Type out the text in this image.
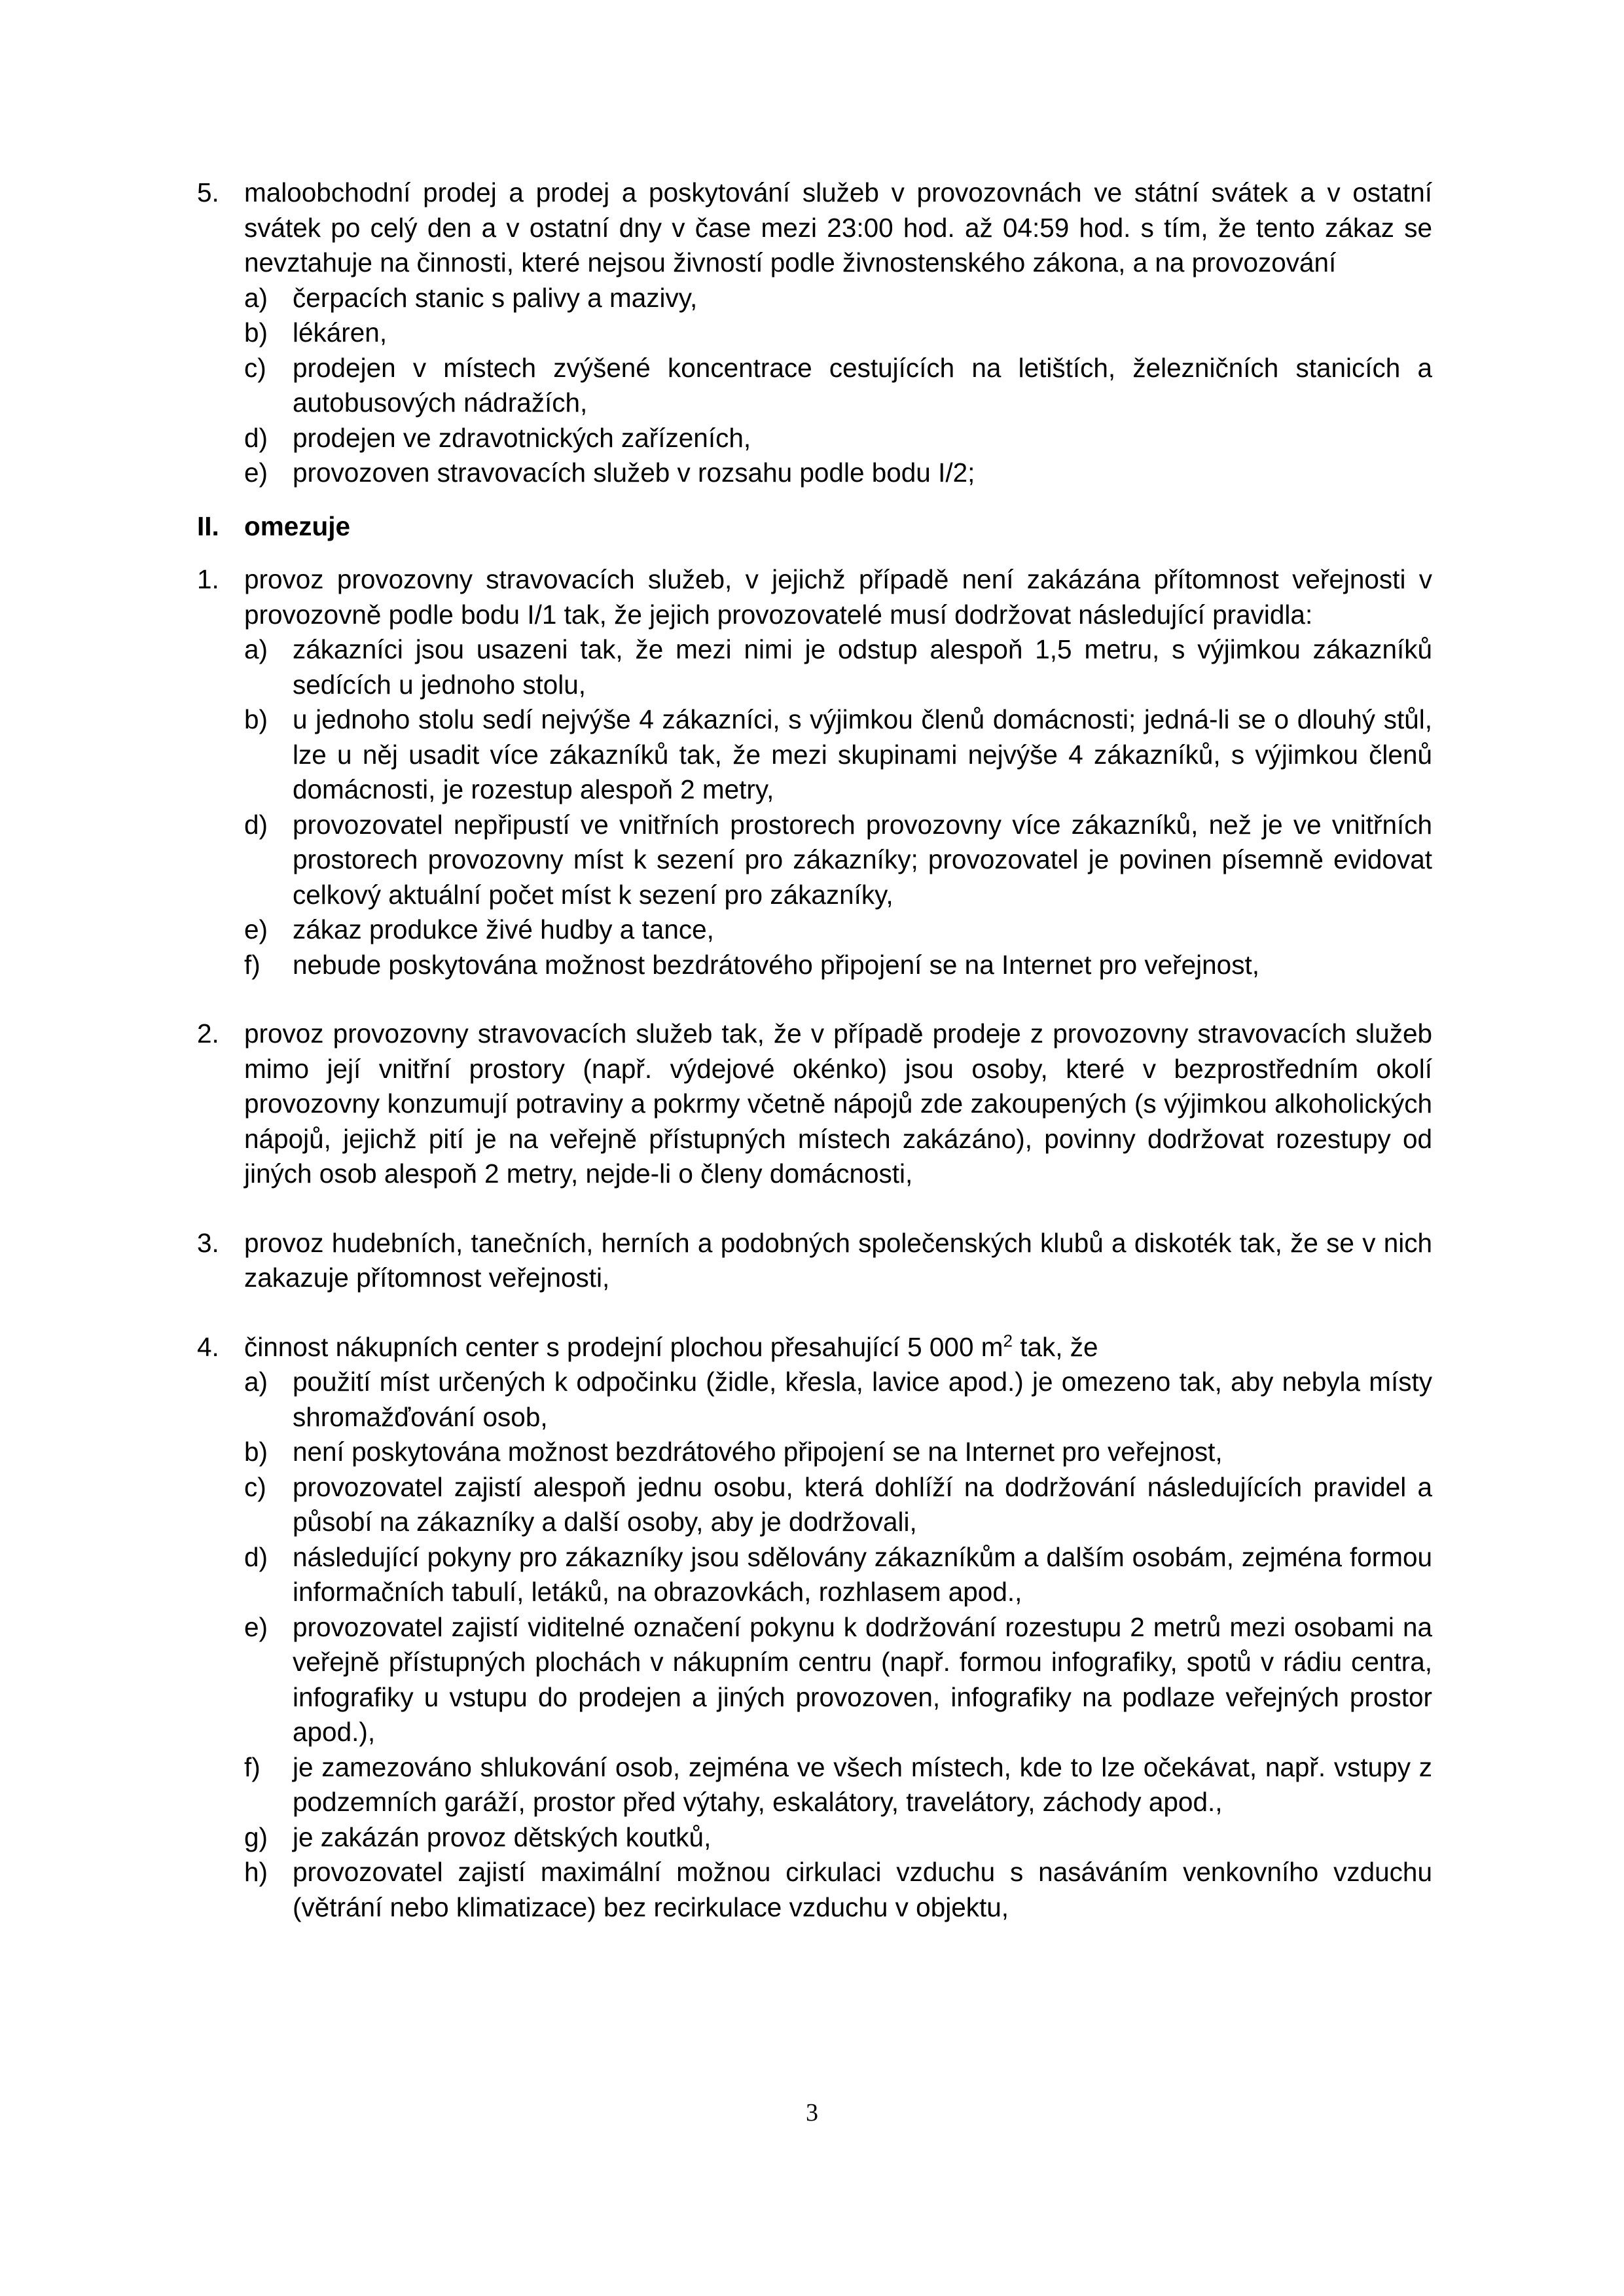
5. maloobchodní prodej a prodej a poskytování služeb v provozovnách ve státní svátek a v ostatní svátek po celý den a v ostatní dny v čase mezi 23:00 hod. až 04:59 hod. s tím, že tento zákaz se nevztahuje na činnosti, které nejsou živností podle živnostenského zákona, a na provozování
a) čerpacích stanic s palivy a mazivy,
b) lékáren,
c) prodejen v místech zvýšené koncentrace cestujících na letištích, železničních stanicích a autobusových nádražích,
d) prodejen ve zdravotnických zařízeních,
e) provozoven stravovacích služeb v rozsahu podle bodu I/2;
II. omezuje
1. provoz provozovny stravovacích služeb, v jejichž případě není zakázána přítomnost veřejnosti v provozovně podle bodu I/1 tak, že jejich provozovatelé musí dodržovat následující pravidla:
a) zákazníci jsou usazeni tak, že mezi nimi je odstup alespoň 1,5 metru, s výjimkou zákazníků sedících u jednoho stolu,
b) u jednoho stolu sedí nejvýše 4 zákazníci, s výjimkou členů domácnosti; jedná-li se o dlouhý stůl, lze u něj usadit více zákazníků tak, že mezi skupinami nejvýše 4 zákazníků, s výjimkou členů domácnosti, je rozestup alespoň 2 metry,
d) provozovatel nepřipustí ve vnitřních prostorech provozovny více zákazníků, než je ve vnitřních prostorech provozovny míst k sezení pro zákazníky; provozovatel je povinen písemně evidovat celkový aktuální počet míst k sezení pro zákazníky,
e) zákaz produkce živé hudby a tance,
f) nebude poskytována možnost bezdrátového připojení se na Internet pro veřejnost,
2. provoz provozovny stravovacích služeb tak, že v případě prodeje z provozovny stravovacích služeb mimo její vnitřní prostory (např. výdejové okénko) jsou osoby, které v bezprostředním okolí provozovny konzumují potraviny a pokrmy včetně nápojů zde zakoupených (s výjimkou alkoholických nápojů, jejichž pití je na veřejně přístupných místech zakázáno), povinny dodržovat rozestupy od jiných osob alespoň 2 metry, nejde-li o členy domácnosti,
3. provoz hudebních, tanečních, herních a podobných společenských klubů a diskoték tak, že se v nich zakazuje přítomnost veřejnosti,
4. činnost nákupních center s prodejní plochou přesahující 5 000 $m^2$ tak, že
a) použití míst určených k odpočinku (židle, křesla, lavice apod.) je omezeno tak, aby nebyla místy shromažďování osob,
b) není poskytována možnost bezdrátového připojení se na Internet pro veřejnost,
c) provozovatel zajistí alespoň jednu osobu, která dohlíží na dodržování následujících pravidel a působí na zákazníky a další osoby, aby je dodržovali,
d) následující pokyny pro zákazníky jsou sdělovány zákazníkům a dalším osobám, zejména formou informačních tabulí, letáků, na obrazovkách, rozhlasem apod.,
e) provozovatel zajistí viditelné označení pokynu k dodržování rozestupu 2 metrů mezi osobami na veřejně přístupných plochách v nákupním centru (např. formou infografiky, spotů v rádiu centra, infografiky u vstupu do prodejen a jiných provozoven, infografiky na podlaze veřejných prostor apod.),
f) je zamezováno shlukování osob, zejména ve všech místech, kde to lze očekávat, např. vstupy z podzemních garáží, prostor před výtahy, eskalátory, travelátory, záchody apod.,
g) je zakázán provoz dětských koutků,
h) provozovatel zajistí maximální možnou cirkulaci vzduchu s nasáváním venkovního vzduchu (větrání nebo klimatizace) bez recirkulace vzduchu v objektu,
3
